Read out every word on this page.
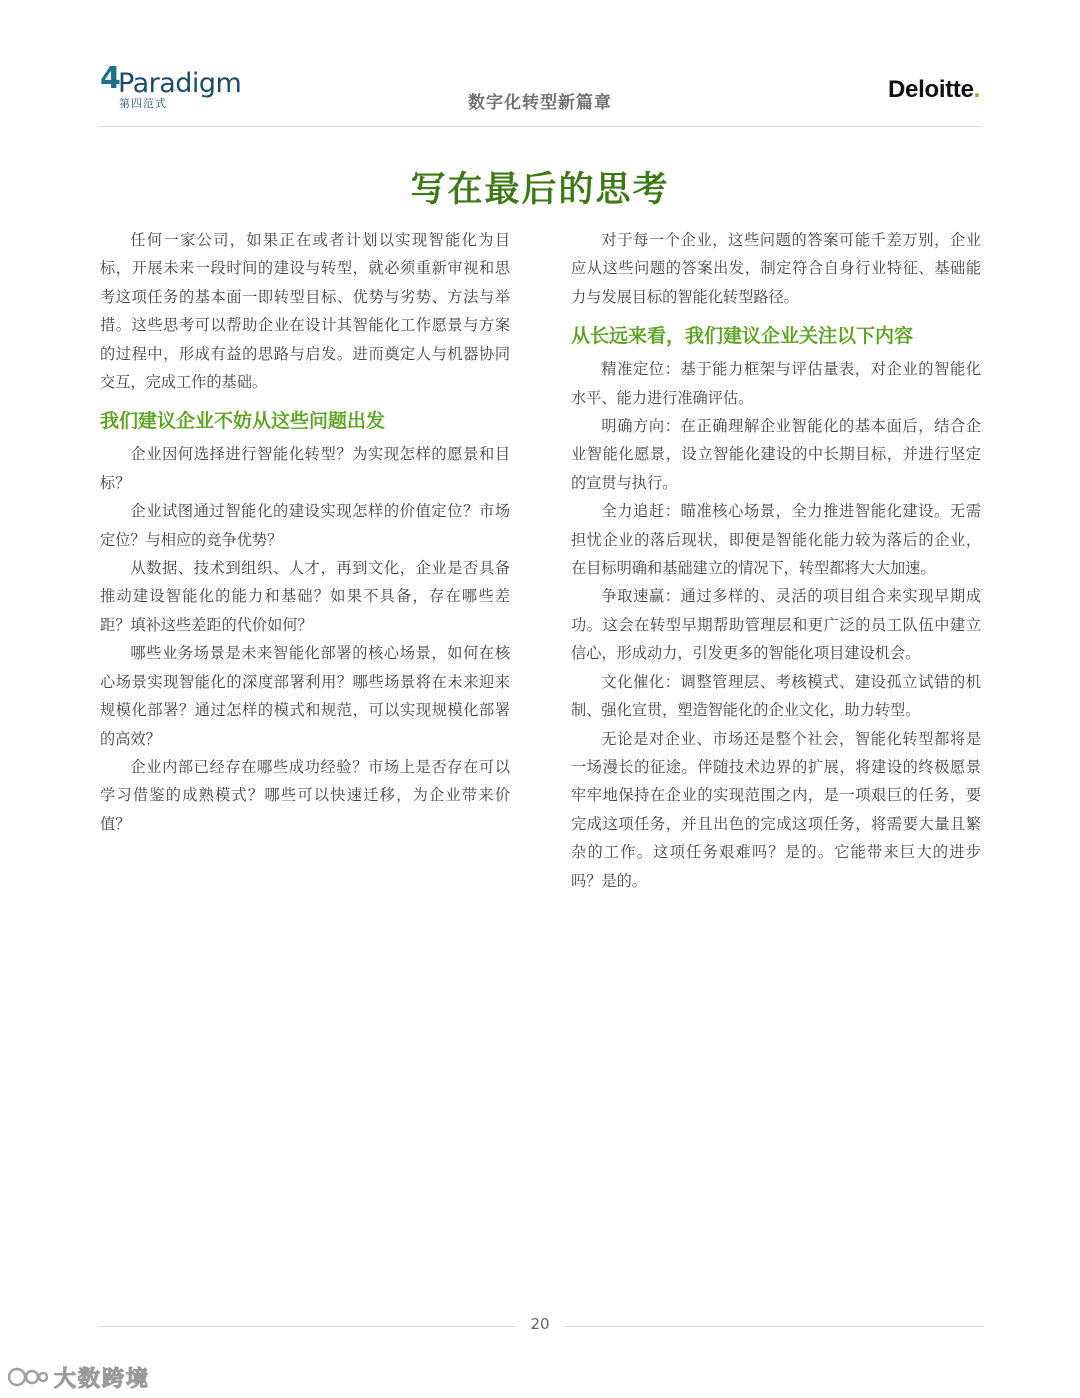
4
Paradigm
第四范式	数字化转型新篇章	Deloitte.
写在最后的思考

任何一家公司，如果正在或者计划以实现智能化为目标，开展未来一段时间的建设与转型，就必须重新审视和思考这项任务的基本面一即转型目标、优势与劣势、方法与举措。这些思考可以帮助企业在设计其智能化工作愿景与方案的过程中，形成有益的思路与启发。进而奠定人与机器协同交互，完成工作的基础。

我们建议企业不妨从这些问题出发

企业因何选择进行智能化转型？为实现怎样的愿景和目标？

企业试图通过智能化的建设实现怎样的价值定位？市场定位？与相应的竞争优势？

从数据、技术到组织、人才，再到文化，企业是否具备推动建设智能化的能力和基础？如果不具备，存在哪些差距？填补这些差距的代价如何？

哪些业务场景是未来智能化部署的核心场景，如何在核心场景实现智能化的深度部署利用？哪些场景将在未来迎来规模化部署？通过怎样的模式和规范，可以实现规模化部署的高效？

企业内部已经存在哪些成功经验？市场上是否存在可以学习借鉴的成熟模式？哪些可以快速迁移，为企业带来价值？

对于每一个企业，这些问题的答案可能千差万别，企业应从这些问题的答案出发，制定符合自身行业特征、基础能力与发展目标的智能化转型路径。

从长远来看，我们建议企业关注以下内容

精准定位：基于能力框架与评估量表，对企业的智能化水平、能力进行准确评估。

明确方向：在正确理解企业智能化的基本面后，结合企业智能化愿景，设立智能化建设的中长期目标，并进行坚定的宣贯与执行。

全力追赶：瞄准核心场景，全力推进智能化建设。无需担忧企业的落后现状，即便是智能化能力较为落后的企业，在目标明确和基础建立的情况下，转型都将大大加速。

争取速赢：通过多样的、灵活的项目组合来实现早期成功。这会在转型早期帮助管理层和更广泛的员工队伍中建立信心，形成动力，引发更多的智能化项目建设机会。

文化催化：调整管理层、考核模式、建设孤立试错的机制、强化宣贯，塑造智能化的企业文化，助力转型。

无论是对企业、市场还是整个社会，智能化转型都将是一场漫长的征途。伴随技术边界的扩展，将建设的终极愿景牢牢地保持在企业的实现范围之内，是一项艰巨的任务，要完成这项任务，并且出色的完成这项任务，将需要大量且繁杂的工作。这项任务艰难吗？是的。它能带来巨大的进步吗？是的。

20
大数跨境
